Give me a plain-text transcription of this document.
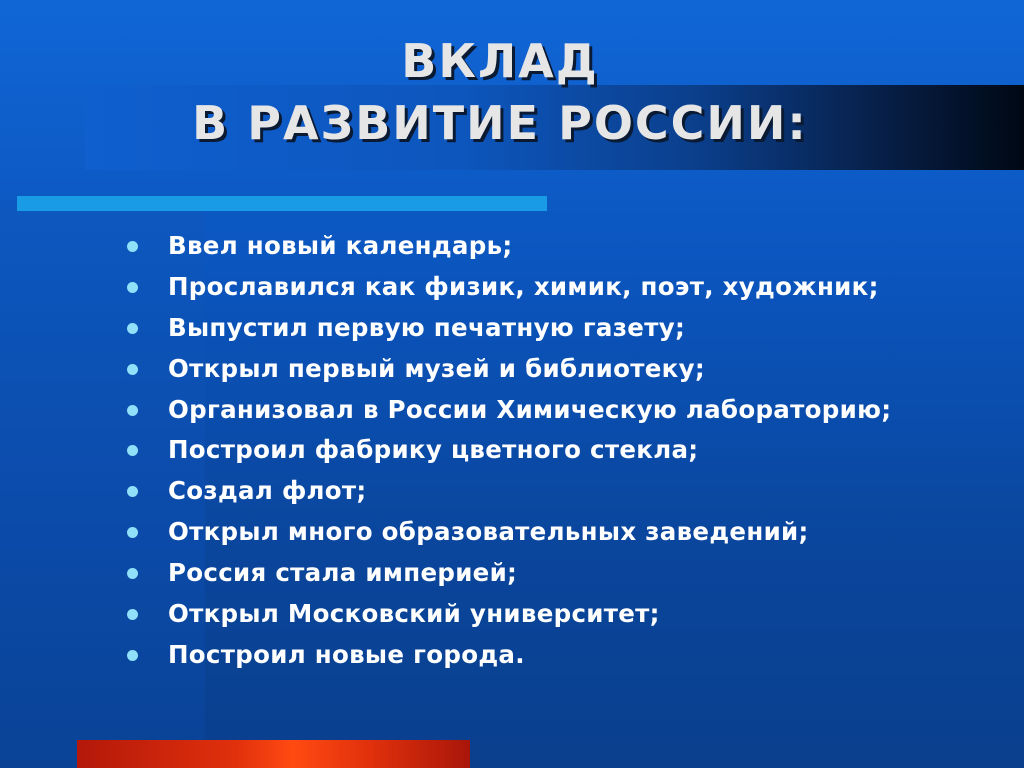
ВКЛАД
В РАЗВИТИЕ РОССИИ:
Ввел новый календарь;
Прославился как физик, химик, поэт, художник;
Выпустил первую печатную газету;
Открыл первый музей и библиотеку;
Организовал в России Химическую лабораторию;
Построил фабрику цветного стекла;
Создал флот;
Открыл много образовательных заведений;
Россия стала империей;
Открыл Московский университет;
Построил новые города.
